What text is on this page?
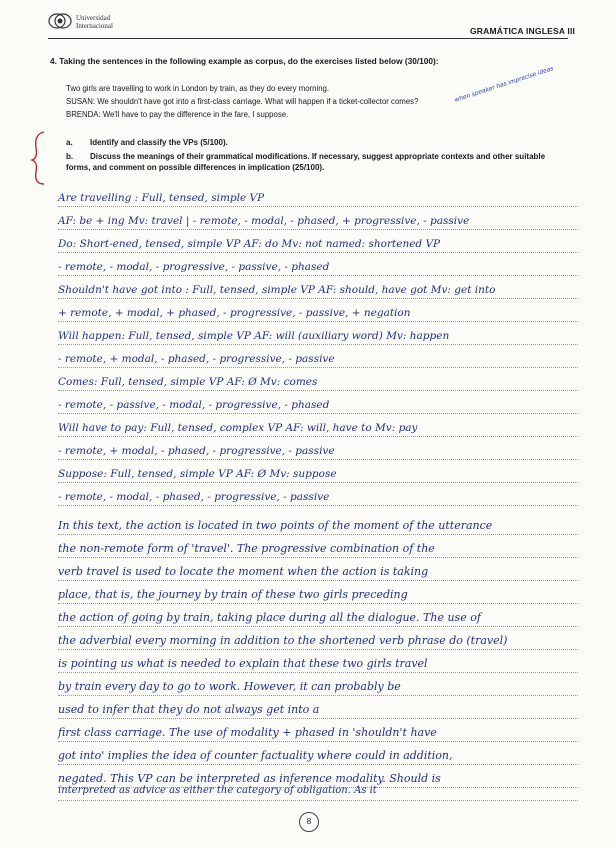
Universidad
Internacional	GRAMÁTICA INGLESA III
4. Taking the sentences in the following example as corpus, do the exercises listed below (30/100):
Two girls are travelling to work in London by train, as they do every morning.
SUSAN: We shouldn't have got into a first-class carriage. What will happen if a ticket-collector comes?
BRENDA: We'll have to pay the difference in the fare, I suppose.
when speaker has imprecise ideas
a. Identify and classify the VPs (5/100).
b. Discuss the meanings of their grammatical modifications. If necessary, suggest appropriate contexts and other suitable forms, and comment on possible differences in implication (25/100).
Are travelling : Full, tensed, simple VP
AF: be + ing Mv: travel | - remote, - modal, - phased, + progressive, - passive
Do: Short-ened, tensed, simple VP AF: do Mv: not named: shortened VP
- remote, - modal, - progressive, - passive, - phased
Shouldn't have got into : Full, tensed, simple VP AF: should, have got Mv: get into
+ remote, + modal, + phased, - progressive, - passive, + negation
Will happen: Full, tensed, simple VP AF: will (auxiliary word) Mv: happen
- remote, + modal, - phased, - progressive, - passive
Comes: Full, tensed, simple VP AF: Ø Mv: comes
- remote, - passive, - modal, - progressive, - phased
Will have to pay: Full, tensed, complex VP AF: will, have to Mv: pay
- remote, + modal, - phased, - progressive, - passive
Suppose: Full, tensed, simple VP AF: Ø Mv: suppose
- remote, - modal, - phased, - progressive, - passive
In this text, the action is located in two points of the moment of the utterance
the non-remote form of 'travel'. The progressive combination of the
verb travel is used to locate the moment when the action is taking
place, that is, the journey by train of these two girls preceding
the action of going by train, taking place during all the dialogue. The use of
the adverbial every morning in addition to the shortened verb phrase do (travel)
is pointing us what is needed to explain that these two girls travel
by train every day to go to work. However, it can probably be
used to infer that they do not always get into a
first class carriage. The use of modality + phased in 'shouldn't have
got into' implies the idea of counter factuality where could in addition,
negated. This VP can be interpreted as inference modality. Should is
interpreted as advice as either the category of obligation. As it
8
